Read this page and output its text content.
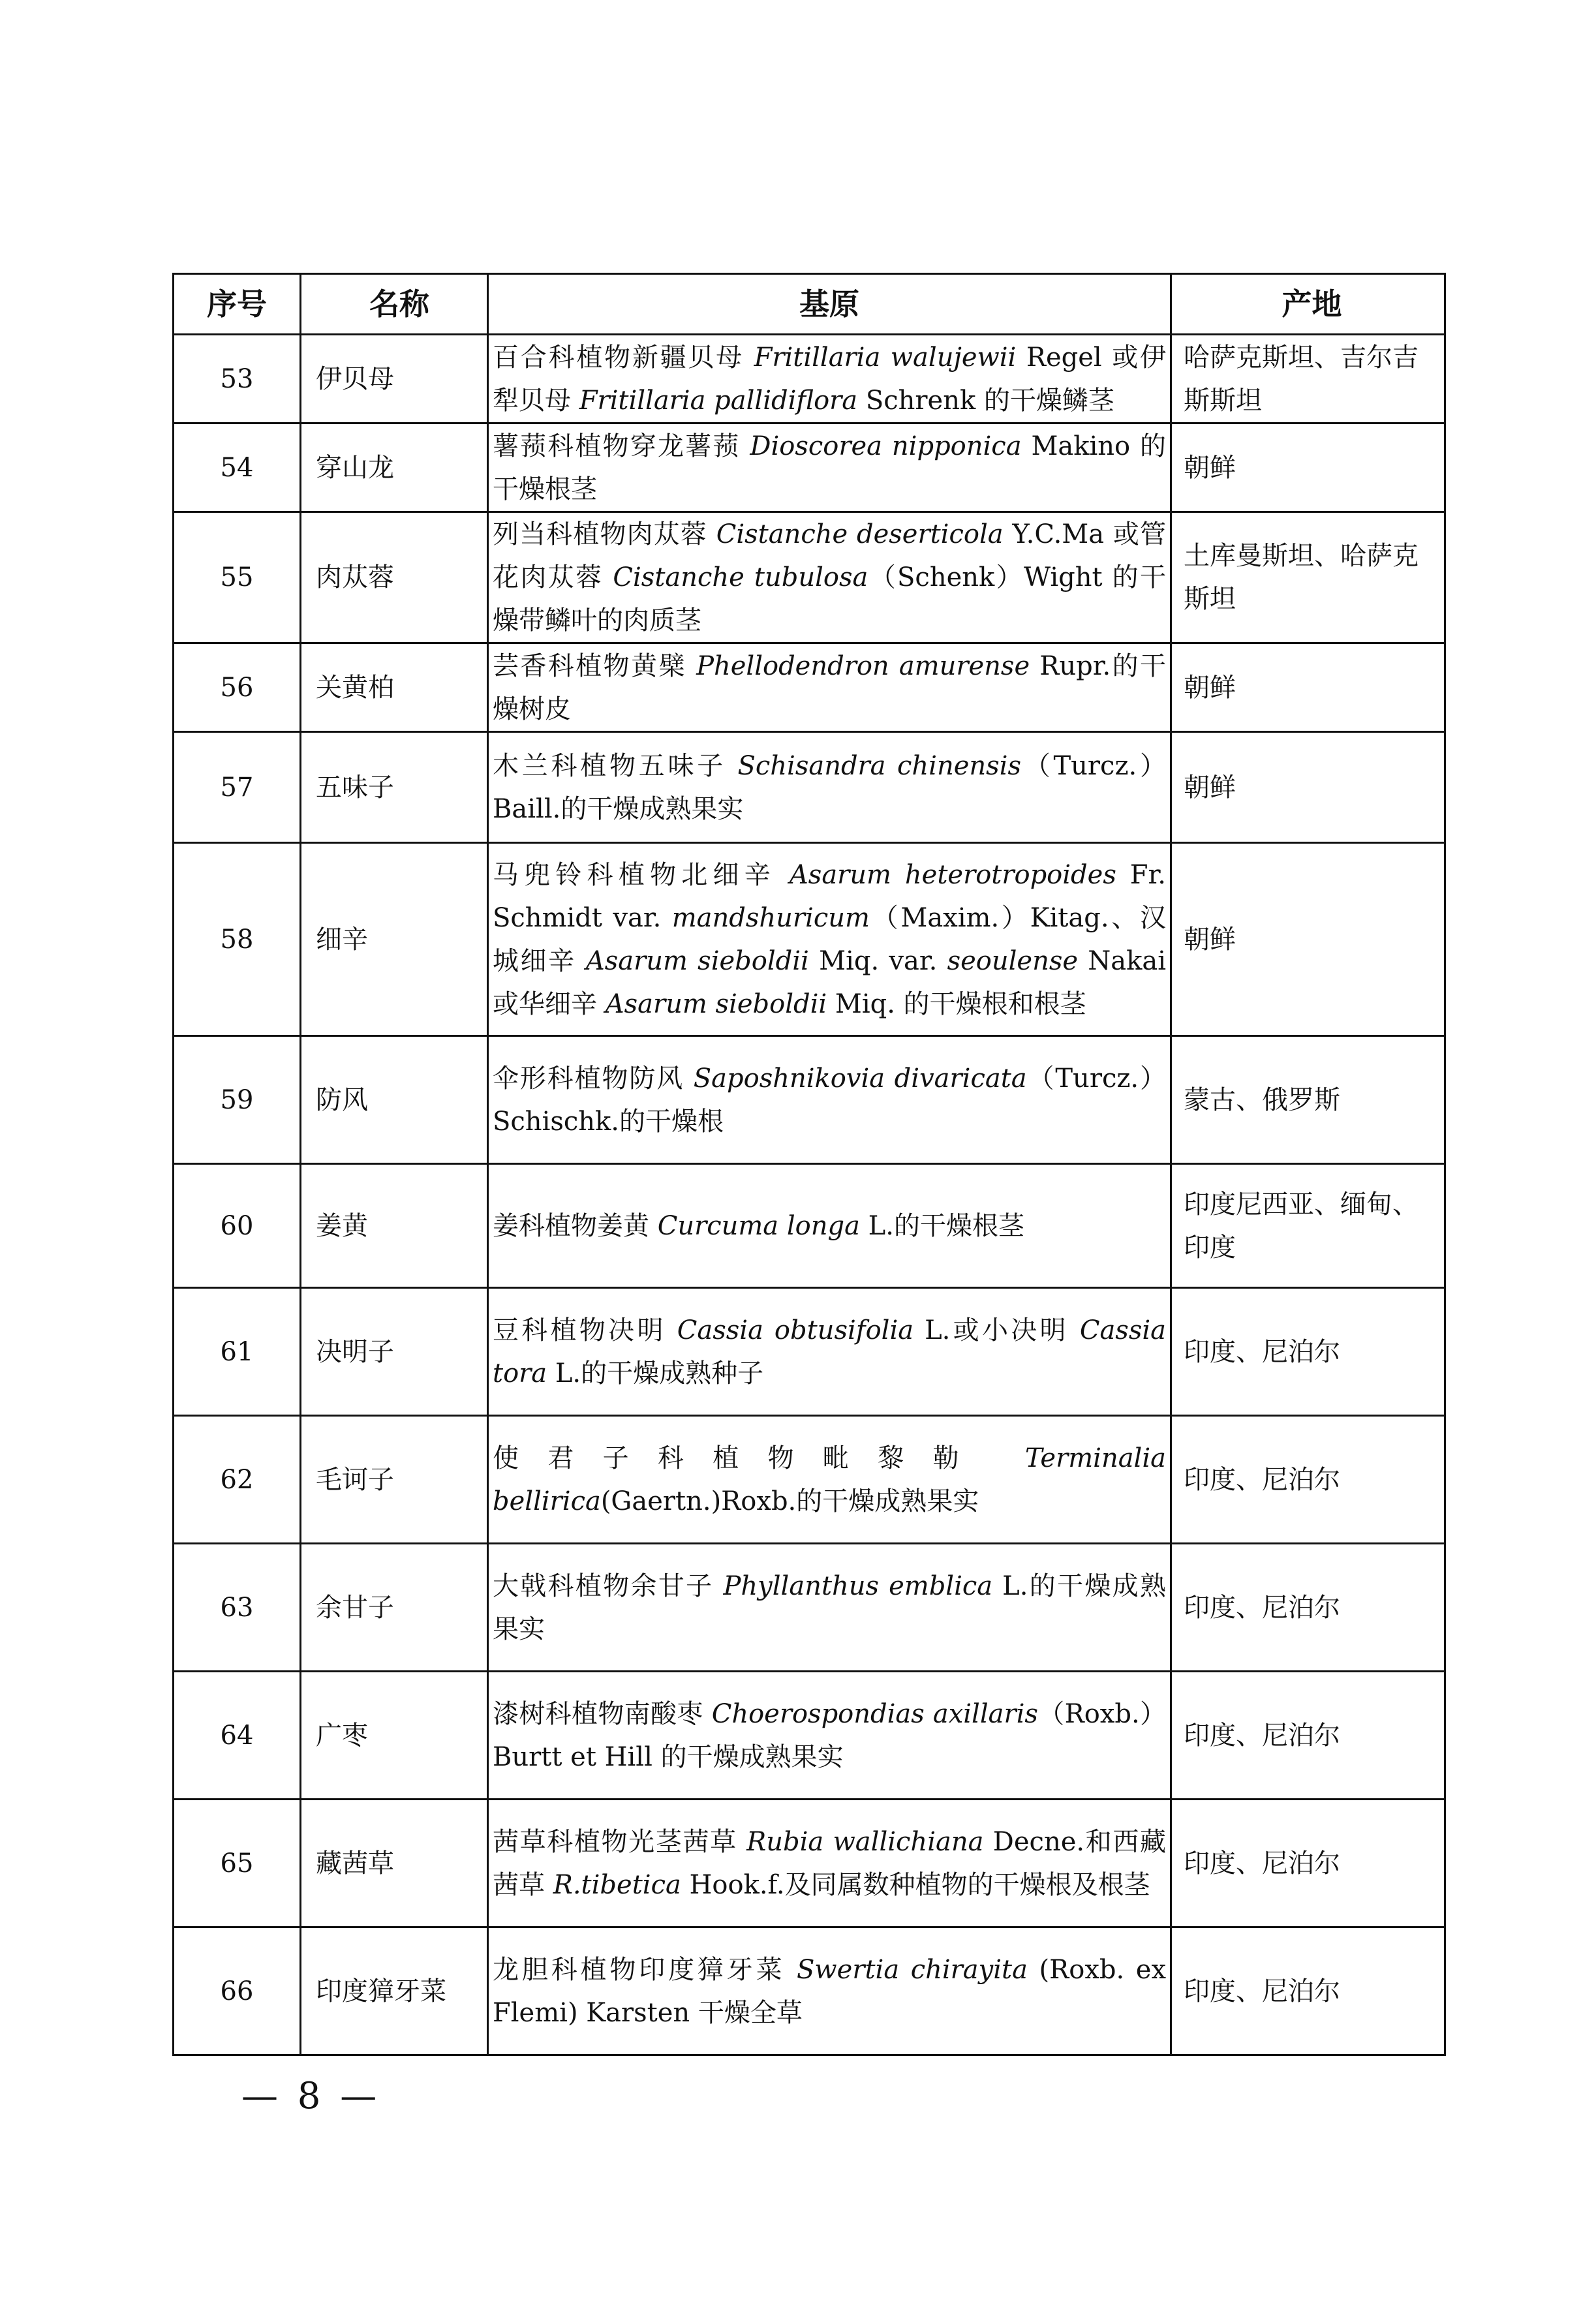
序号	名称	基原	产地
53	伊贝母	百合科植物新疆贝母 Fritillaria walujewii Regel 或伊犁贝母 Fritillaria pallidiflora Schrenk 的干燥鳞茎	哈萨克斯坦、吉尔吉斯斯坦
54	穿山龙	薯蓣科植物穿龙薯蓣 Dioscorea nipponica Makino 的干燥根茎	朝鲜
55	肉苁蓉	列当科植物肉苁蓉 Cistanche deserticola Y.C.Ma 或管花肉苁蓉 Cistanche tubulosa（Schenk）Wight 的干燥带鳞叶的肉质茎	土库曼斯坦、哈萨克斯坦
56	关黄柏	芸香科植物黄檗 Phellodendron amurense Rupr.的干燥树皮	朝鲜
57	五味子	木兰科植物五味子 Schisandra chinensis（Turcz.）Baill.的干燥成熟果实	朝鲜
58	细辛	马兜铃科植物北细辛 Asarum heterotropoides Fr. Schmidt var. mandshuricum（Maxim.）Kitag.、汉城细辛 Asarum sieboldii Miq. var. seoulense Nakai 或华细辛 Asarum sieboldii Miq. 的干燥根和根茎	朝鲜
59	防风	伞形科植物防风 Saposhnikovia divaricata（Turcz.）Schischk.的干燥根	蒙古、俄罗斯
60	姜黄	姜科植物姜黄 Curcuma longa L.的干燥根茎	印度尼西亚、缅甸、印度
61	决明子	豆科植物决明 Cassia obtusifolia L.或小决明 Cassia tora L.的干燥成熟种子	印度、尼泊尔
62	毛诃子	使君子科植物毗黎勒 Terminalia bellirica(Gaertn.)Roxb.的干燥成熟果实	印度、尼泊尔
63	余甘子	大戟科植物余甘子 Phyllanthus emblica L.的干燥成熟果实	印度、尼泊尔
64	广枣	漆树科植物南酸枣 Choerospondias axillaris（Roxb.）Burtt et Hill 的干燥成熟果实	印度、尼泊尔
65	藏茜草	茜草科植物光茎茜草 Rubia wallichiana Decne.和西藏茜草 R.tibetica Hook.f.及同属数种植物的干燥根及根茎	印度、尼泊尔
66	印度獐牙菜	龙胆科植物印度獐牙菜 Swertia chirayita (Roxb. ex Flemi) Karsten 干燥全草	印度、尼泊尔
— 8 —
